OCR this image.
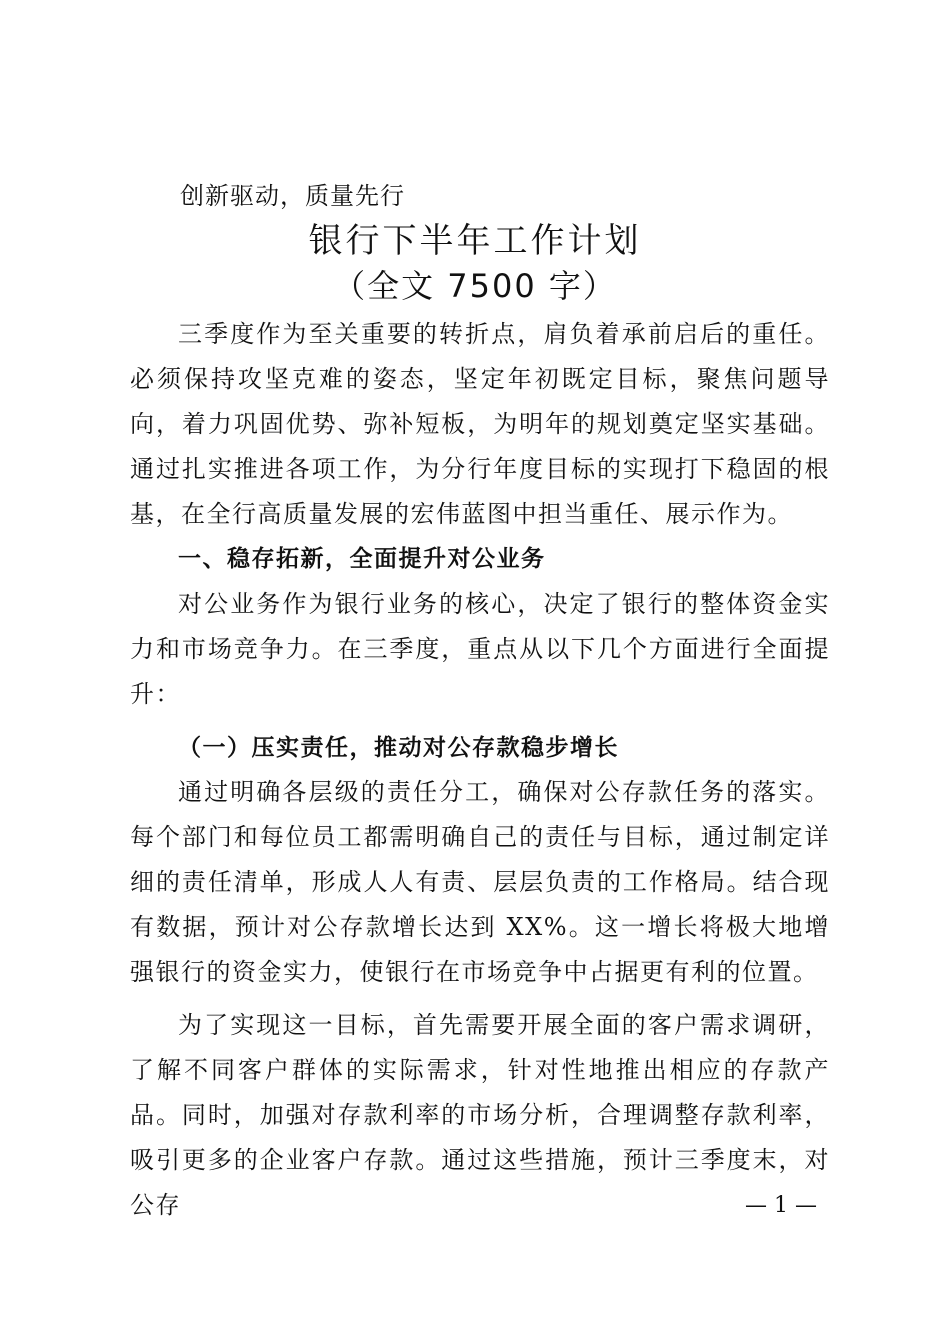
创新驱动，质量先行
银行下半年工作计划
（全文 7500 字）

三季度作为至关重要的转折点，肩负着承前启后的重任。必须保持攻坚克难的姿态，坚定年初既定目标，聚焦问题导向，着力巩固优势、弥补短板，为明年的规划奠定坚实基础。通过扎实推进各项工作，为分行年度目标的实现打下稳固的根基，在全行高质量发展的宏伟蓝图中担当重任、展示作为。

一、稳存拓新，全面提升对公业务

对公业务作为银行业务的核心，决定了银行的整体资金实力和市场竞争力。在三季度，重点从以下几个方面进行全面提升：

（一）压实责任，推动对公存款稳步增长

通过明确各层级的责任分工，确保对公存款任务的落实。每个部门和每位员工都需明确自己的责任与目标，通过制定详细的责任清单，形成人人有责、层层负责的工作格局。结合现有数据，预计对公存款增长达到 XX%。这一增长将极大地增强银行的资金实力，使银行在市场竞争中占据更有利的位置。

为了实现这一目标，首先需要开展全面的客户需求调研，了解不同客户群体的实际需求，针对性地推出相应的存款产品。同时，加强对存款利率的市场分析，合理调整存款利率，吸引更多的企业客户存款。通过这些措施，预计三季度末，对公存	— 1 —
